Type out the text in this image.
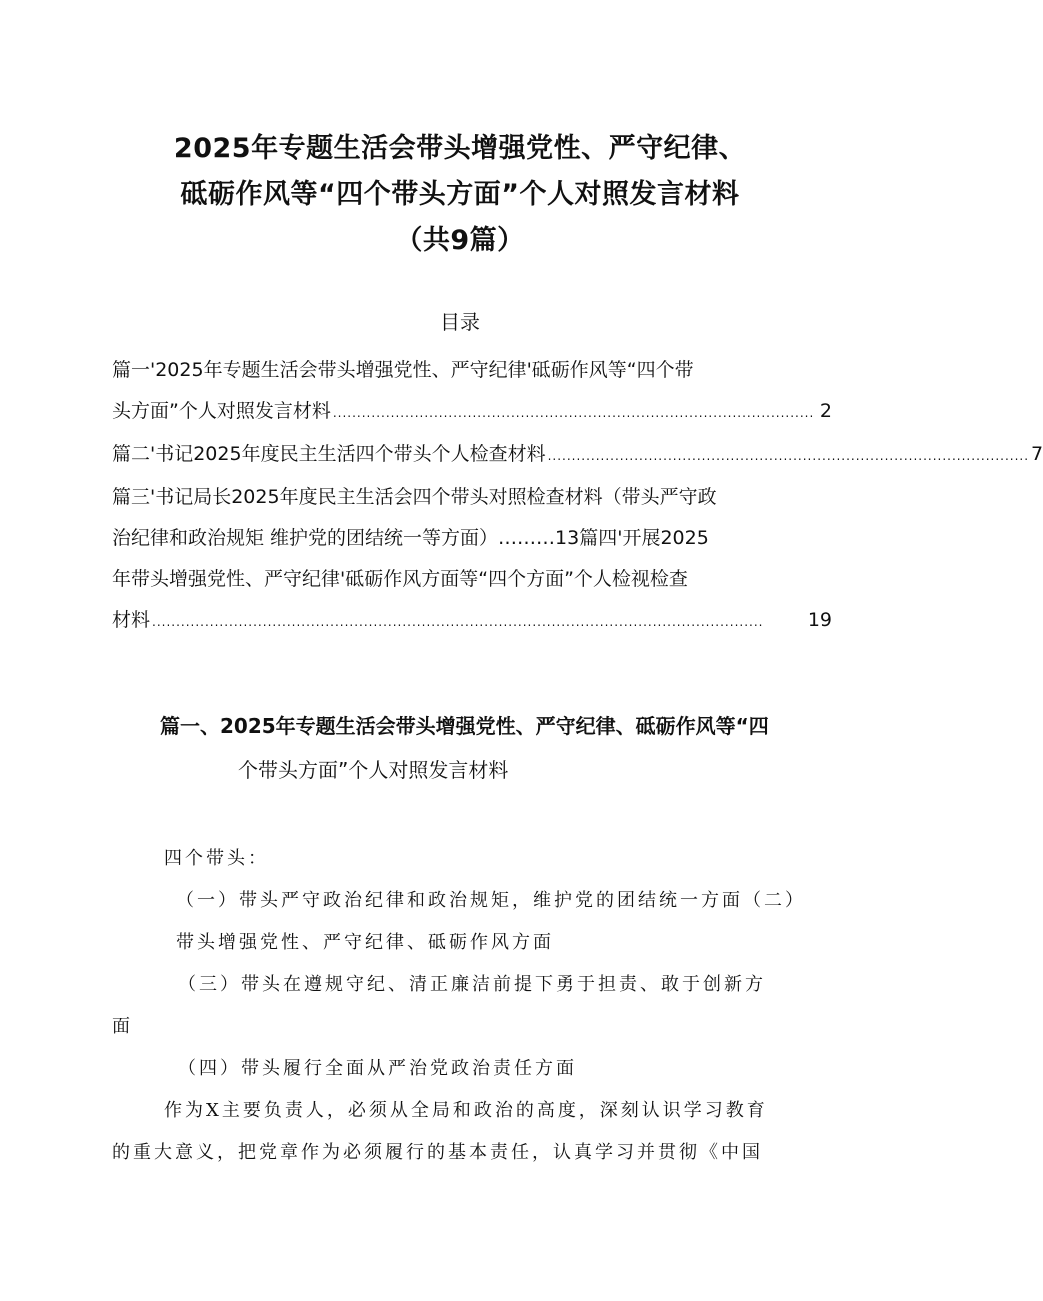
2025年专题生活会带头增强党性、严守纪律、
砥砺作风等“四个带头方面”个人对照发言材料
（共9篇）
目录
篇一'2025年专题生活会带头增强党性、严守纪律'砥砺作风等“四个带
头方面”个人对照发言材料 .................................................................................................... 2
篇二'书记2025年度民主生活四个带头个人检查材料 .................................................................................................... 7
篇三'书记局长2025年度民主生活会四个带头对照检查材料（带头严守政
治纪律和政治规矩 维护党的团结统一等方面）………13篇四'开展2025
年带头增强党性、严守纪律'砥砺作风方面等“四个方面”个人检视检查
材料 ...............................................................................................................................	19
篇一、2025年专题生活会带头增强党性、严守纪律、砥砺作风等“四
个带头方面”个人对照发言材料
四个带头：
（一）带头严守政治纪律和政治规矩，维护党的团结统一方面（二）
带头增强党性、严守纪律、砥砺作风方面
（三）带头在遵规守纪、清正廉洁前提下勇于担责、敢于创新方
面
（四）带头履行全面从严治党政治责任方面
作为X主要负责人，必须从全局和政治的高度，深刻认识学习教育
的重大意义，把党章作为必须履行的基本责任，认真学习并贯彻《中国
